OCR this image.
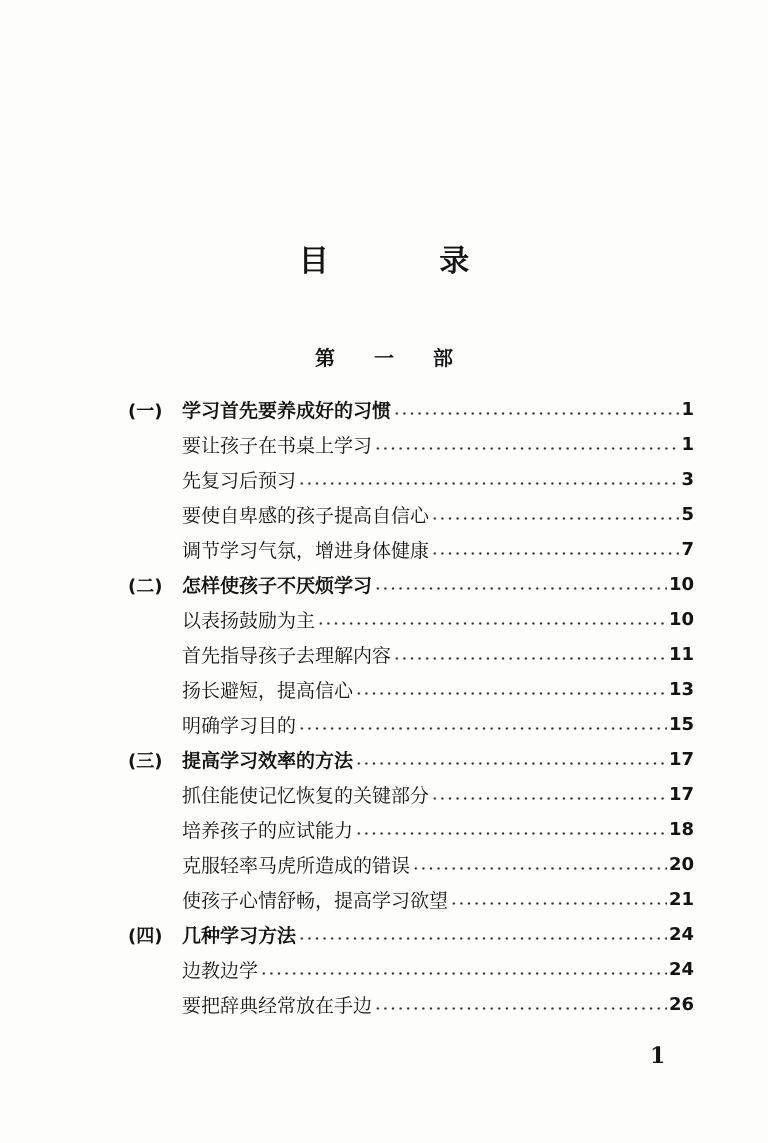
目 录
第 一 部
(一)	学习首先要养成好的习惯	1
要让孩子在书桌上学习	1
先复习后预习	3
要使自卑感的孩子提高自信心	5
调节学习气氛，增进身体健康	7
(二)	怎样使孩子不厌烦学习	10
以表扬鼓励为主	10
首先指导孩子去理解内容	11
扬长避短，提高信心	13
明确学习目的	15
(三)	提高学习效率的方法	17
抓住能使记忆恢复的关键部分	17
培养孩子的应试能力	18
克服轻率马虎所造成的错误	20
使孩子心情舒畅，提高学习欲望	21
(四)	几种学习方法	24
边教边学	24
要把辞典经常放在手边	26
1
